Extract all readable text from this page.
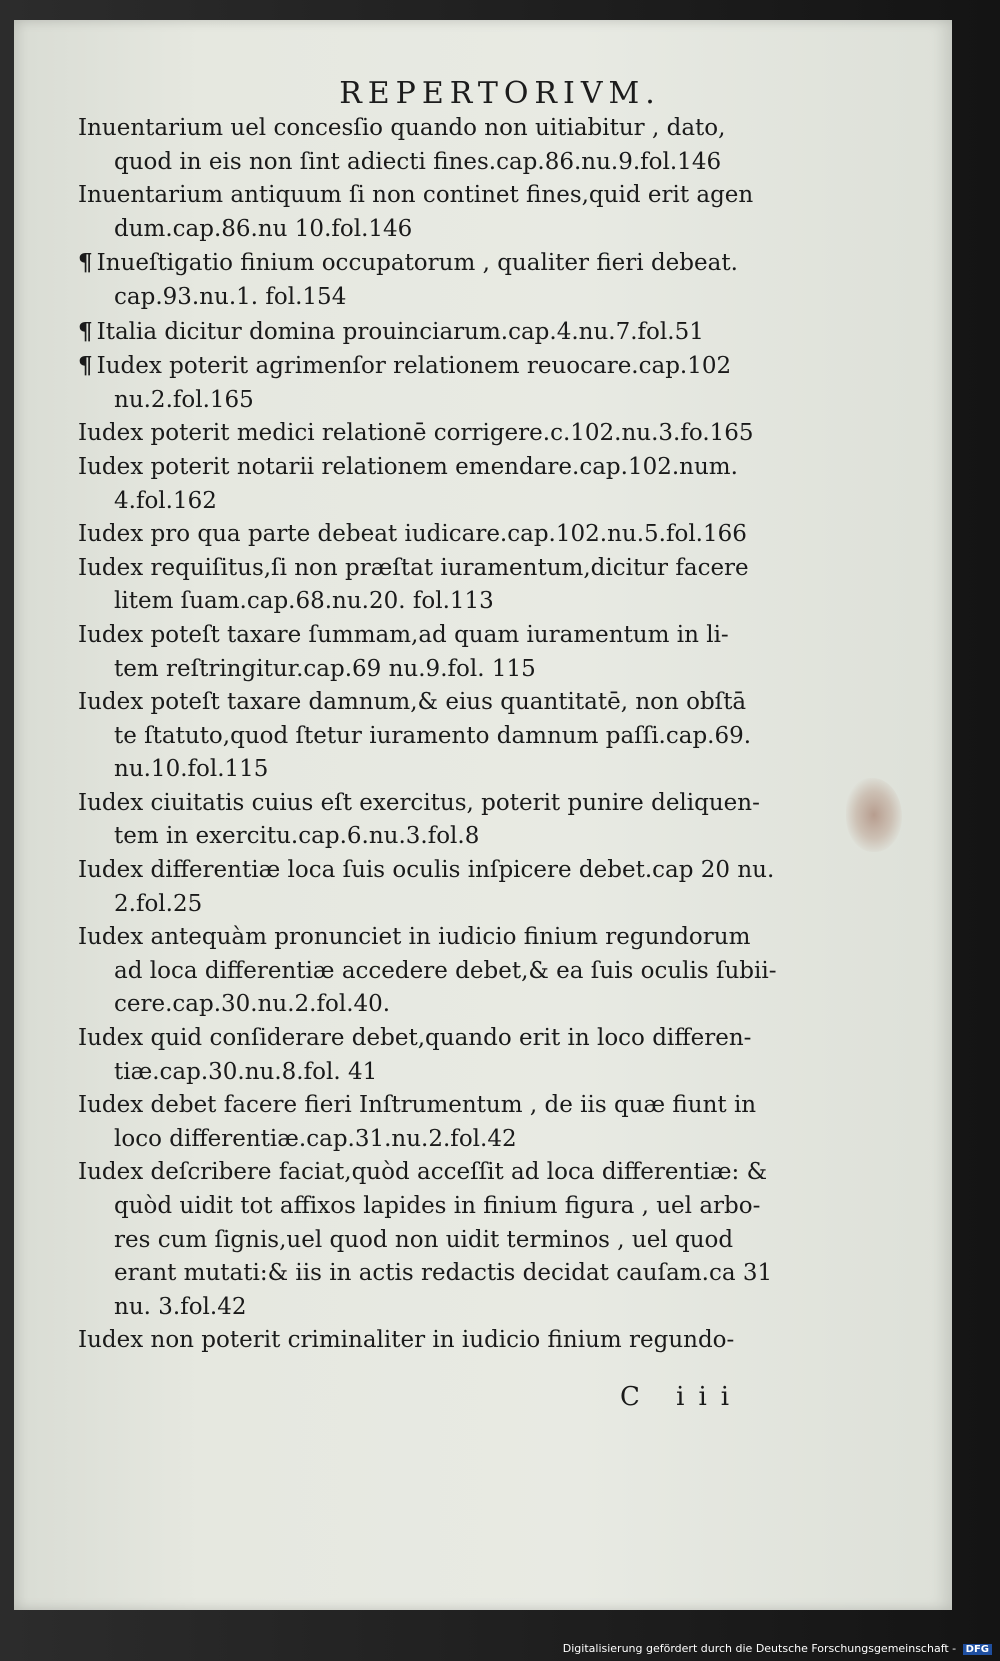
REPERTORIVM.
Inuentarium uel concesſio quando non uitiabitur , dato,
quod in eis non ſint adiecti fines.cap.86.nu.9.fol.146
Inuentarium antiquum ſi non continet fines,quid erit agen
dum.cap.86.nu 10.fol.146
¶ Inueſtigatio finium occupatorum , qualiter fieri debeat.
cap.93.nu.1. fol.154
¶ Italia dicitur domina prouinciarum.cap.4.nu.7.fol.51
¶ Iudex poterit agrimenſor relationem reuocare.cap.102
nu.2.fol.165
Iudex poterit medici relationē corrigere.c.102.nu.3.fo.165
Iudex poterit notarii relationem emendare.cap.102.num.
4.fol.162
Iudex pro qua parte debeat iudicare.cap.102.nu.5.fol.166
Iudex requiſitus,ſi non præſtat iuramentum,dicitur facere
litem ſuam.cap.68.nu.20. fol.113
Iudex poteſt taxare ſummam,ad quam iuramentum in li-
tem reſtringitur.cap.69 nu.9.fol. 115
Iudex poteſt taxare damnum,& eius quantitatē, non obſtā
te ſtatuto,quod ſtetur iuramento damnum paſſi.cap.69.
nu.10.fol.115
Iudex ciuitatis cuius eſt exercitus, poterit punire deliquen-
tem in exercitu.cap.6.nu.3.fol.8
Iudex differentiæ loca ſuis oculis inſpicere debet.cap 20 nu.
2.fol.25
Iudex antequàm pronunciet in iudicio finium regundorum
ad loca differentiæ accedere debet,& ea ſuis oculis ſubii-
cere.cap.30.nu.2.fol.40.
Iudex quid conſiderare debet,quando erit in loco differen-
tiæ.cap.30.nu.8.fol. 41
Iudex debet facere fieri Inſtrumentum , de iis quæ fiunt in
loco differentiæ.cap.31.nu.2.fol.42
Iudex deſcribere faciat,quòd acceſſit ad loca differentiæ: &
quòd uidit tot affixos lapides in finium figura , uel arbo-
res cum ſignis,uel quod non uidit terminos , uel quod
erant mutati:& iis in actis redactis decidat cauſam.ca 31
nu. 3.fol.42
Iudex non poterit criminaliter in iudicio finium regundo-
C iii
Digitalisierung gefördert durch die Deutsche Forschungsgemeinschaft - DFG
